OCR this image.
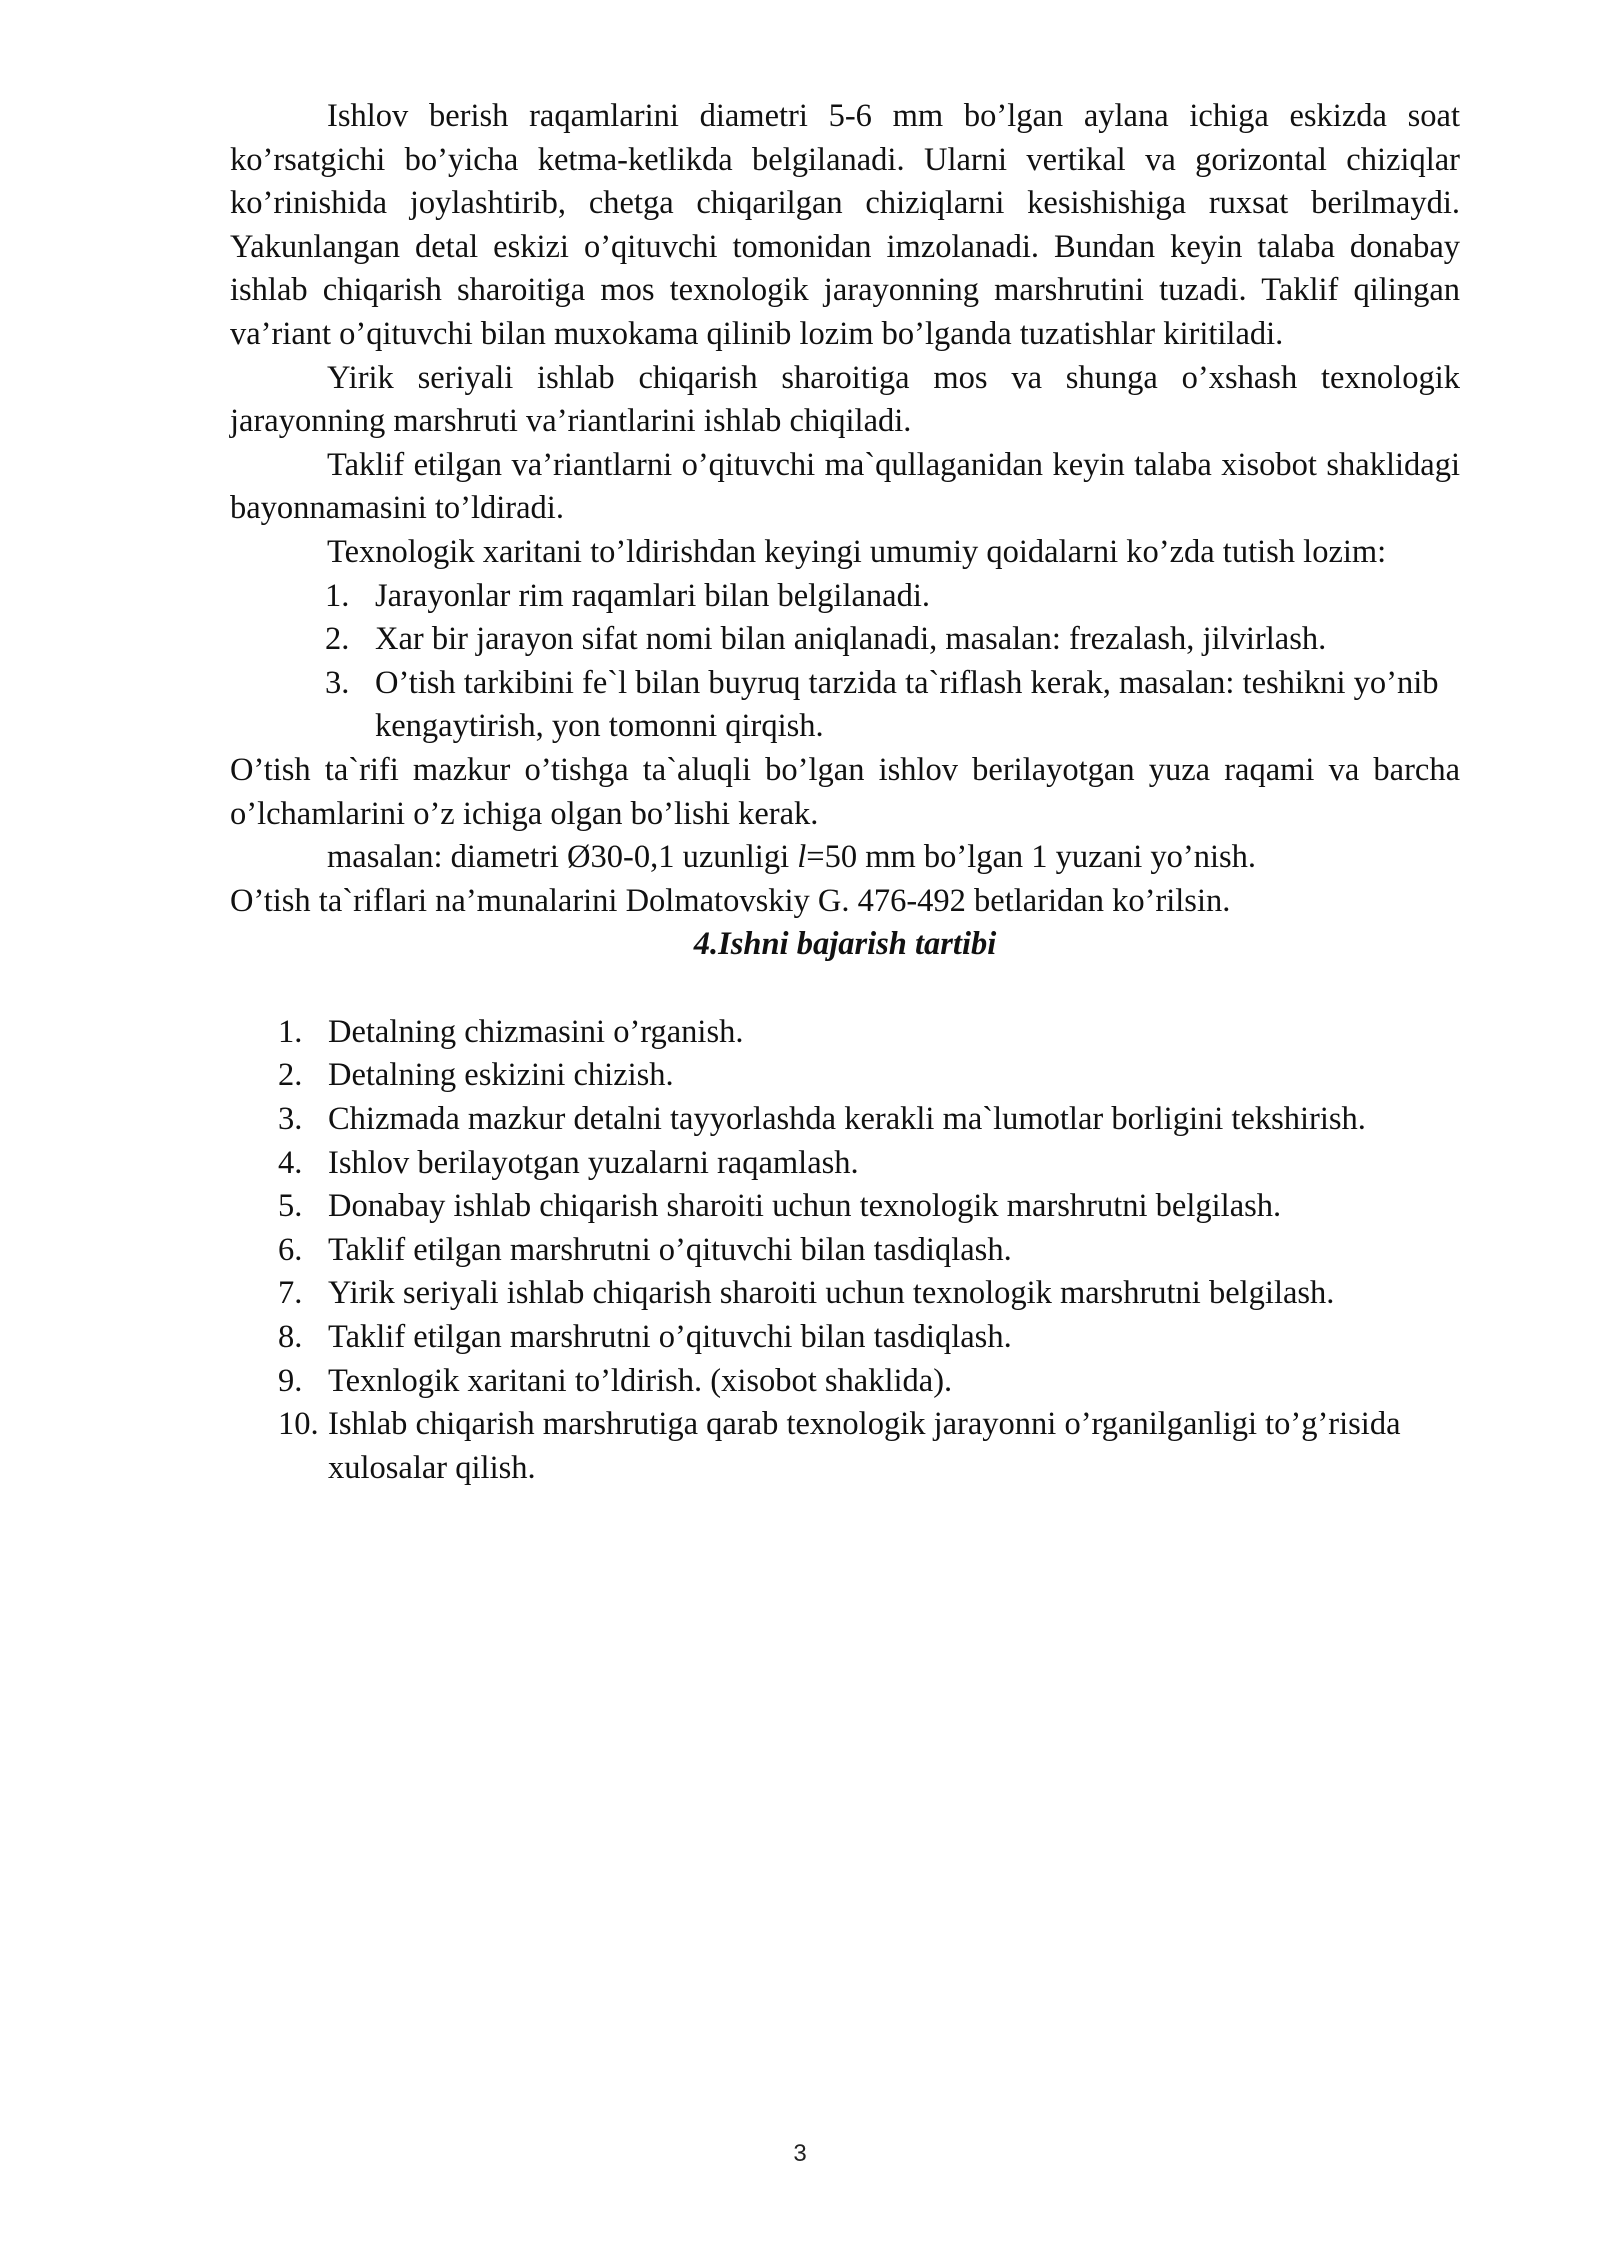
Ishlov berish raqamlarini diametri 5-6 mm bo’lgan aylana ichiga eskizda soat ko’rsatgichi bo’yicha ketma-ketlikda belgilanadi. Ularni vertikal va gorizontal chiziqlar ko’rinishida joylashtirib, chetga chiqarilgan chiziqlarni kesishishiga ruxsat berilmaydi. Yakunlangan detal eskizi o’qituvchi tomonidan imzolanadi. Bundan keyin talaba donabay ishlab chiqarish sharoitiga mos texnologik jarayonning marshrutini tuzadi. Taklif qilingan va’riant o’qituvchi bilan muxokama qilinib lozim bo’lganda tuzatishlar kiritiladi.

Yirik seriyali ishlab chiqarish sharoitiga mos va shunga o’xshash texnologik jarayonning marshruti va’riantlarini ishlab chiqiladi.

Taklif etilgan va’riantlarni o’qituvchi ma`qullaganidan keyin talaba xisobot shaklidagi bayonnamasini to’ldiradi.

Texnologik xaritani to’ldirishdan keyingi umumiy qoidalarni ko’zda tutish lozim:

1. Jarayonlar rim raqamlari bilan belgilanadi.
2. Xar bir jarayon sifat nomi bilan aniqlanadi, masalan: frezalash, jilvirlash.
3. O’tish tarkibini fe`l bilan buyruq tarzida ta`riflash kerak, masalan: teshikni yo’nib kengaytirish, yon tomonni qirqish.

O’tish ta`rifi mazkur o’tishga ta`aluqli bo’lgan ishlov berilayotgan yuza raqami va barcha o’lchamlarini o’z ichiga olgan bo’lishi kerak.

masalan: diametri Ø30-0,1 uzunligi l=50 mm bo’lgan 1 yuzani yo’nish.

O’tish ta`riflari na’munalarini Dolmatovskiy G. 476-492 betlaridan ko’rilsin.

4.Ishni bajarish tartibi

1. Detalning chizmasini o’rganish.
2. Detalning eskizini chizish.
3. Chizmada mazkur detalni tayyorlashda kerakli ma`lumotlar borligini tekshirish.
4. Ishlov berilayotgan yuzalarni raqamlash.
5. Donabay ishlab chiqarish sharoiti uchun texnologik marshrutni belgilash.
6. Taklif etilgan marshrutni o’qituvchi bilan tasdiqlash.
7. Yirik seriyali ishlab chiqarish sharoiti uchun texnologik marshrutni belgilash.
8. Taklif etilgan marshrutni o’qituvchi bilan tasdiqlash.
9. Texnlogik xaritani to’ldirish. (xisobot shaklida).
10. Ishlab chiqarish marshrutiga qarab texnologik jarayonni o’rganilganligi to’g’risida xulosalar qilish.
3
